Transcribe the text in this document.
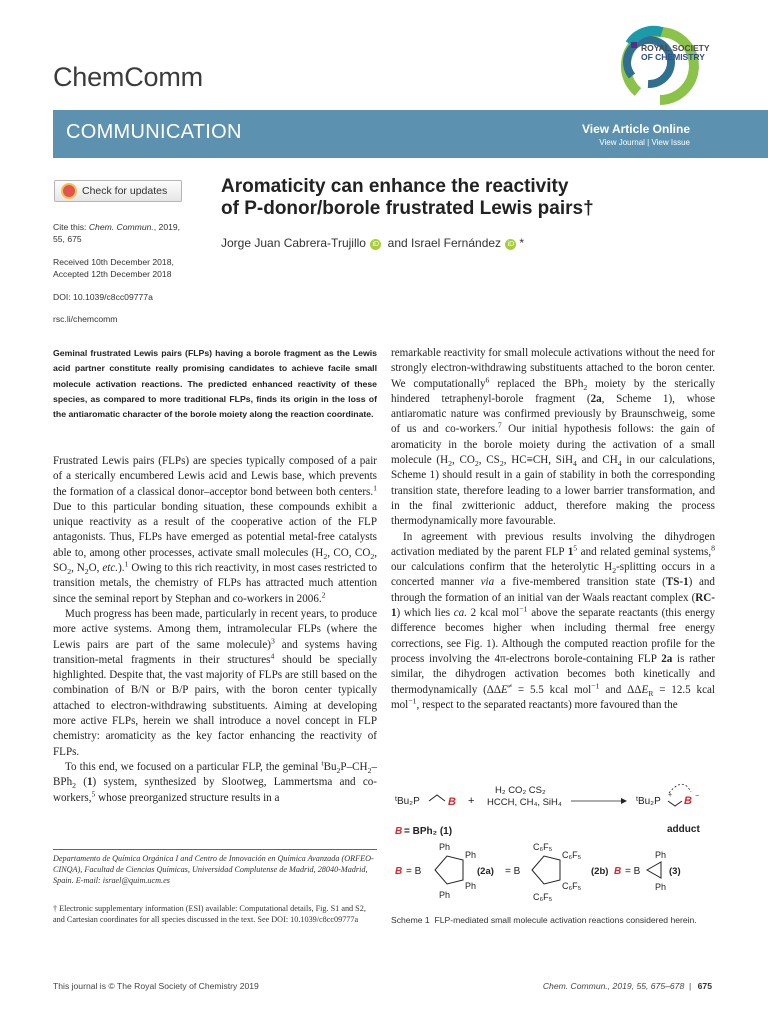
ChemComm
ROYAL SOCIETY
OF CHEMISTRY
COMMUNICATION	View Article Online
View Journal | View Issue
Check for updates
Cite this: Chem. Commun., 2019,
55, 675
Received 10th December 2018,
Accepted 12th December 2018
DOI: 10.1039/c8cc09777a
rsc.li/chemcomm
Aromaticity can enhance the reactivity
of P-donor/borole frustrated Lewis pairs†
Jorge Juan Cabrera-Trujillo iD and Israel Fernández iD *
Geminal frustrated Lewis pairs (FLPs) having a borole fragment as the Lewis acid partner constitute really promising candidates to achieve facile small molecule activation reactions. The predicted enhanced reactivity of these species, as compared to more traditional FLPs, finds its origin in the loss of the antiaromatic character of the borole moiety along the reaction coordinate.

Frustrated Lewis pairs (FLPs) are species typically composed of a pair of a sterically encumbered Lewis acid and Lewis base, which prevents the formation of a classical donor–acceptor bond between both centers.$^1$ Due to this particular bonding situation, these compounds exhibit a unique reactivity as a result of the cooperative action of the FLP antagonists. Thus, FLPs have emerged as potential metal-free catalysts able to, among other processes, activate small molecules ($H_2$, CO, $CO_2$, $SO_2$, $N_2O$, etc.).$^1$ Owing to this rich reactivity, in most cases restricted to transition metals, the chemistry of FLPs has attracted much attention since the seminal report by Stephan and co-workers in 2006.$^2$

Much progress has been made, particularly in recent years, to produce more active systems. Among them, intramolecular FLPs (where the Lewis pairs are part of the same molecule)$^3$ and systems having transition-metal fragments in their structures$^4$ should be specially highlighted. Despite that, the vast majority of FLPs are still based on the combination of B/N or B/P pairs, with the boron center typically attached to electron-withdrawing substituents. Aiming at developing more active FLPs, herein we shall introduce a novel concept in FLP chemistry: aromaticity as the key factor enhancing the reactivity of FLPs.

To this end, we focused on a particular FLP, the geminal $^tBu_2P-CH_2-BPh_2$ (1) system, synthesized by Slootweg, Lammertsma and co-workers,$^5$ whose preorganized structure results in a

Departamento de Química Orgánica I and Centro de Innovación en Química Avanzada (ORFEO-CINQA), Facultad de Ciencias Químicas, Universidad Complutense de Madrid, 28040-Madrid, Spain. E-mail: israel@quim.ucm.es
† Electronic supplementary information (ESI) available: Computational details, Fig. S1 and S2, and Cartesian coordinates for all species discussed in the text. See DOI: 10.1039/c8cc09777a

remarkable reactivity for small molecule activations without the need for strongly electron-withdrawing substituents attached to the boron center. We computationally$^6$ replaced the BPh$_2$ moiety by the sterically hindered tetraphenyl-borole fragment (2a, Scheme 1), whose antiaromatic nature was confirmed previously by Braunschweig, some of us and co-workers.$^7$ Our initial hypothesis follows: the gain of aromaticity in the borole moiety during the activation of a small molecule ($H_2$, $CO_2$, $CS_2$, HC≡CH, SiH$_4$ and $CH_4$ in our calculations, Scheme 1) should result in a gain of stability in both the corresponding transition state, therefore leading to a lower barrier transformation, and in the final zwitterionic adduct, therefore making the process thermodynamically more favourable.

In agreement with previous results involving the dihydrogen activation mediated by the parent FLP $1^5$ and related geminal systems,$^8$ our calculations confirm that the heterolytic $H_2$-splitting occurs in a concerted manner via a five-membered transition state (TS-1) and through the formation of an initial van der Waals reactant complex (RC-1) which lies ca. 2 kcal mol$^{-1}$ above the separate reactants (this energy difference becomes higher when including thermal free energy corrections, see Fig. 1). Although the computed reaction profile for the process involving the 4π-electrons borole-containing FLP 2a is rather similar, the dihydrogen activation becomes both kinetically and thermodynamically (ΔΔE≠ = 5.5 kcal mol$^{-1}$ and $\Delta\Delta E_R = 12.5$ kcal mol$^{-1}$, respect to the separated reactants) more favoured than the

$^t$Bu₂P	B +
H₂ CO₂ CS₂
HCCH, CH₄, SiH₄	$^t$Bu₂P
+ B −
adduct
B = BPh₂ (1)
B = B
Ph
Ph
Ph
Ph
(2a) = B
C₆F₅
C₆F₅
C₆F₅
C₆F₅
(2b) B = B
Ph
Ph
(3)
Scheme 1 FLP-mediated small molecule activation reactions considered herein.
This journal is © The Royal Society of Chemistry 2019	Chem. Commun., 2019, 55, 675–678  | 675
